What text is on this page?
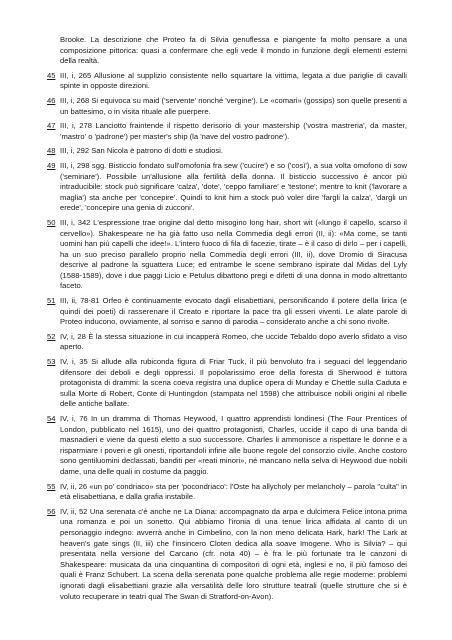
Brooke. La descrizione che Proteo fa di Silvia genuflessa e piangente fa molto pensare a una composizione pittorica: quasi a confermare che egli vede il mondo in funzione degli elementi esterni della realtà.

45 III, i, 265 Allusione al supplizio consistente nello squartare la vittima, legata a due pariglie di cavalli spinte in opposte direzioni.

46 III, i, 268 Si equivoca su maid ('servente' nonché 'vergine'). Le «comari» (gossips) son quelle presenti a un battesimo, o in visita rituale alle puerpere.

47 III, i, 278 Lanciotto fraintende il rispetto derisorio di your mastership ('vostra mastreria', da master, 'mastro' o 'padrone') per master's ship (la 'nave del vostro padrone').

48 III, i, 292 San Nicola è patrono di dotti e studiosi.

49 III, i, 298 sgg. Bisticcio fondato sull'omofonia fra sew ('cucire') e so ('così'), a sua volta omofono di sow ('seminare'). Possibile un'allusione alla fertilità della donna. Il bisticcio successivo è ancor più intraducibile: stock può significare 'calza', 'dote', 'ceppo familiare' e 'testone'; mentre to knit ('lavorare a maglia') sta anche per 'concepire'. Quindi to knit him a stock può voler dire 'fargli la calza', 'dargli un erede', 'concepire una genia di zucconi'.

50 III, i, 342 L'espressione trae origine dal detto misogino long hair, short wit («lungo il capello, scarso il cervello»). Shakespeare ne ha già fatto uso nella Commedia degli errori (II, ii): «Ma come, se tanti uomini han più capelli che idee!». L'intero fuoco di fila di facezie, tirate – è il caso di dirlo – per i capelli, ha un suo preciso parallelo proprio nella Commedia degli errori (III, ii), dove Dromio di Siracusa descrive al padrone la sguattera Luce; ed entrambe le scene sembrano ispirate dal Midas del Lyly (1588-1589), dove i due paggi Licio e Petulus dibattono pregi e difetti di una donna in modo altrettanto faceto.

51 III, ii, 78-81 Orfeo è continuamente evocato dagli elisabettiani, personificando il potere della lirica (e quindi dei poeti) di rasserenare il Creato e riportare la pace tra gli esseri viventi. Le alate parole di Proteo inducono, ovviamente, al sorriso e sanno di parodia – considerato anche a chi sono rivolte.

52 IV, i, 28 È la stessa situazione in cui incapperà Romeo, che uccide Tebaldo dopo averlo sfidato a viso aperto.

53 IV, i, 35 Si allude alla rubiconda figura di Friar Tuck, il più benvoluto fra i seguaci del leggendario difensore dei deboli e degli oppressi. Il popolarissimo eroe della foresta di Sherwood è tuttora protagonista di drammi: la scena coeva registra una duplice opera di Munday e Chettle sulla Caduta e sulla Morte di Robert, Conte di Huntingdon (stampata nel 1598) che attribuisce nobili origini al ribelle delle antiche ballate.

54 IV, i, 76 In un dramma di Thomas Heywood, I quattro apprendisti londinesi (The Four Prentices of London, pubblicato nel 1615), uno dei quattro protagonisti, Charles, uccide il capo di una banda di masnadieri e viene da questi eletto a suo successore. Charles li ammonisce a rispettare le donne e a risparmiare i poveri e gli onesti, riportandoli infine alle buone regole del consorzio civile. Anche costoro sono gentiluomini declassati, banditi per «reati minori», né mancano nella selva di Heywood due nobili dame, una delle quali in costume da paggio.

55 IV, ii, 26 «un po' condriaco» sta per 'pocondriaco': l'Oste ha allycholy per melancholy – parola "culta" in età elisabettiana, e dalla grafia instabile.

56 IV, ii, 52 Una serenata c'è anche ne La Diana: accompagnato da arpa e dulcimera Felice intona prima una romanza e poi un sonetto. Qui abbiamo l'ironia di una tenue lirica affidata al canto di un personaggio indegno: avverrà anche in Cimbelino, con la non meno delicata Hark, hark! The Lark at heaven's gate sings (II, iii) che l'insincero Cloten dedica alla soave Imogene. Who is Silvia? – qui presentata nella versione del Carcano (cfr. nota 40) – è fra le più fortunate tra le canzoni di Shakespeare: musicata da una cinquantina di compositori di ogni età, inglesi e no, il più famoso dei quali è Franz Schubert. La scena della serenata pone qualche problema alle regie moderne: problemi ignorati dagli elisabettiani grazie alla versatilità delle loro strutture teatrali (quelle strutture che si è voluto recuperare in teatri qual The Swan di Stratford-on-Avon).
